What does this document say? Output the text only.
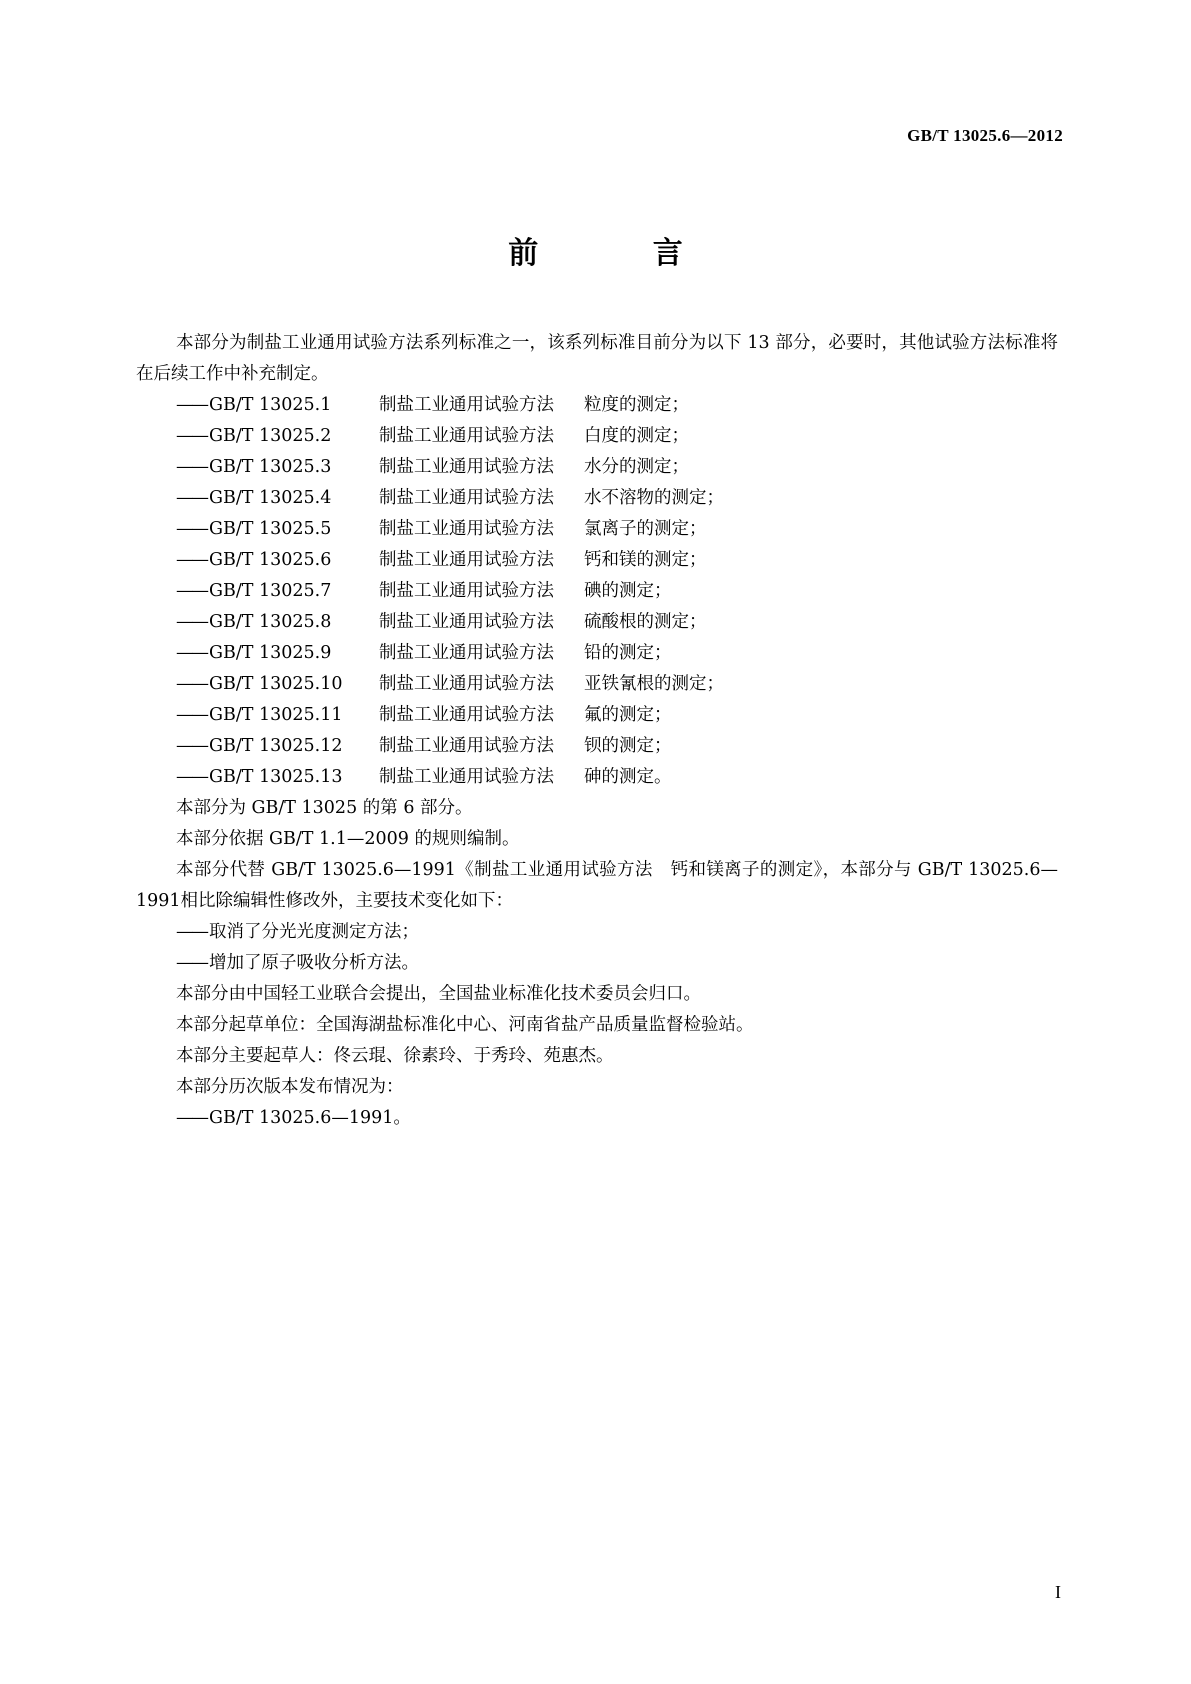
GB/T 13025.6—2012
前 言

本部分为制盐工业通用试验方法系列标准之一，该系列标准目前分为以下 13 部分，必要时，其他试验方法标准将在后续工作中补充制定。

—— GB/T 13025.1	制盐工业通用试验方法 粒度的测定；

—— GB/T 13025.2	制盐工业通用试验方法 白度的测定；

—— GB/T 13025.3	制盐工业通用试验方法 水分的测定；

—— GB/T 13025.4	制盐工业通用试验方法 水不溶物的测定；

—— GB/T 13025.5	制盐工业通用试验方法 氯离子的测定；

—— GB/T 13025.6	制盐工业通用试验方法 钙和镁的测定；

—— GB/T 13025.7	制盐工业通用试验方法 碘的测定；

—— GB/T 13025.8	制盐工业通用试验方法 硫酸根的测定；

—— GB/T 13025.9	制盐工业通用试验方法 铅的测定；

—— GB/T 13025.10 制盐工业通用试验方法 亚铁氰根的测定；

—— GB/T 13025.11 制盐工业通用试验方法 氟的测定；

—— GB/T 13025.12 制盐工业通用试验方法 钡的测定；

—— GB/T 13025.13 制盐工业通用试验方法 砷的测定。

本部分为 GB/T 13025 的第 6 部分。

本部分依据 GB/T 1.1—2009 的规则编制。

本部分代替 GB/T 13025.6—1991《制盐工业通用试验方法　钙和镁离子的测定》，本部分与 GB/T 13025.6—1991相比除编辑性修改外，主要技术变化如下：

—— 取消了分光光度测定方法；

—— 增加了原子吸收分析方法。

本部分由中国轻工业联合会提出，全国盐业标准化技术委员会归口。

本部分起草单位：全国海湖盐标准化中心、河南省盐产品质量监督检验站。

本部分主要起草人：佟云琨、徐素玲、于秀玲、苑惠杰。

本部分历次版本发布情况为：

—— GB/T 13025.6—1991。

I
